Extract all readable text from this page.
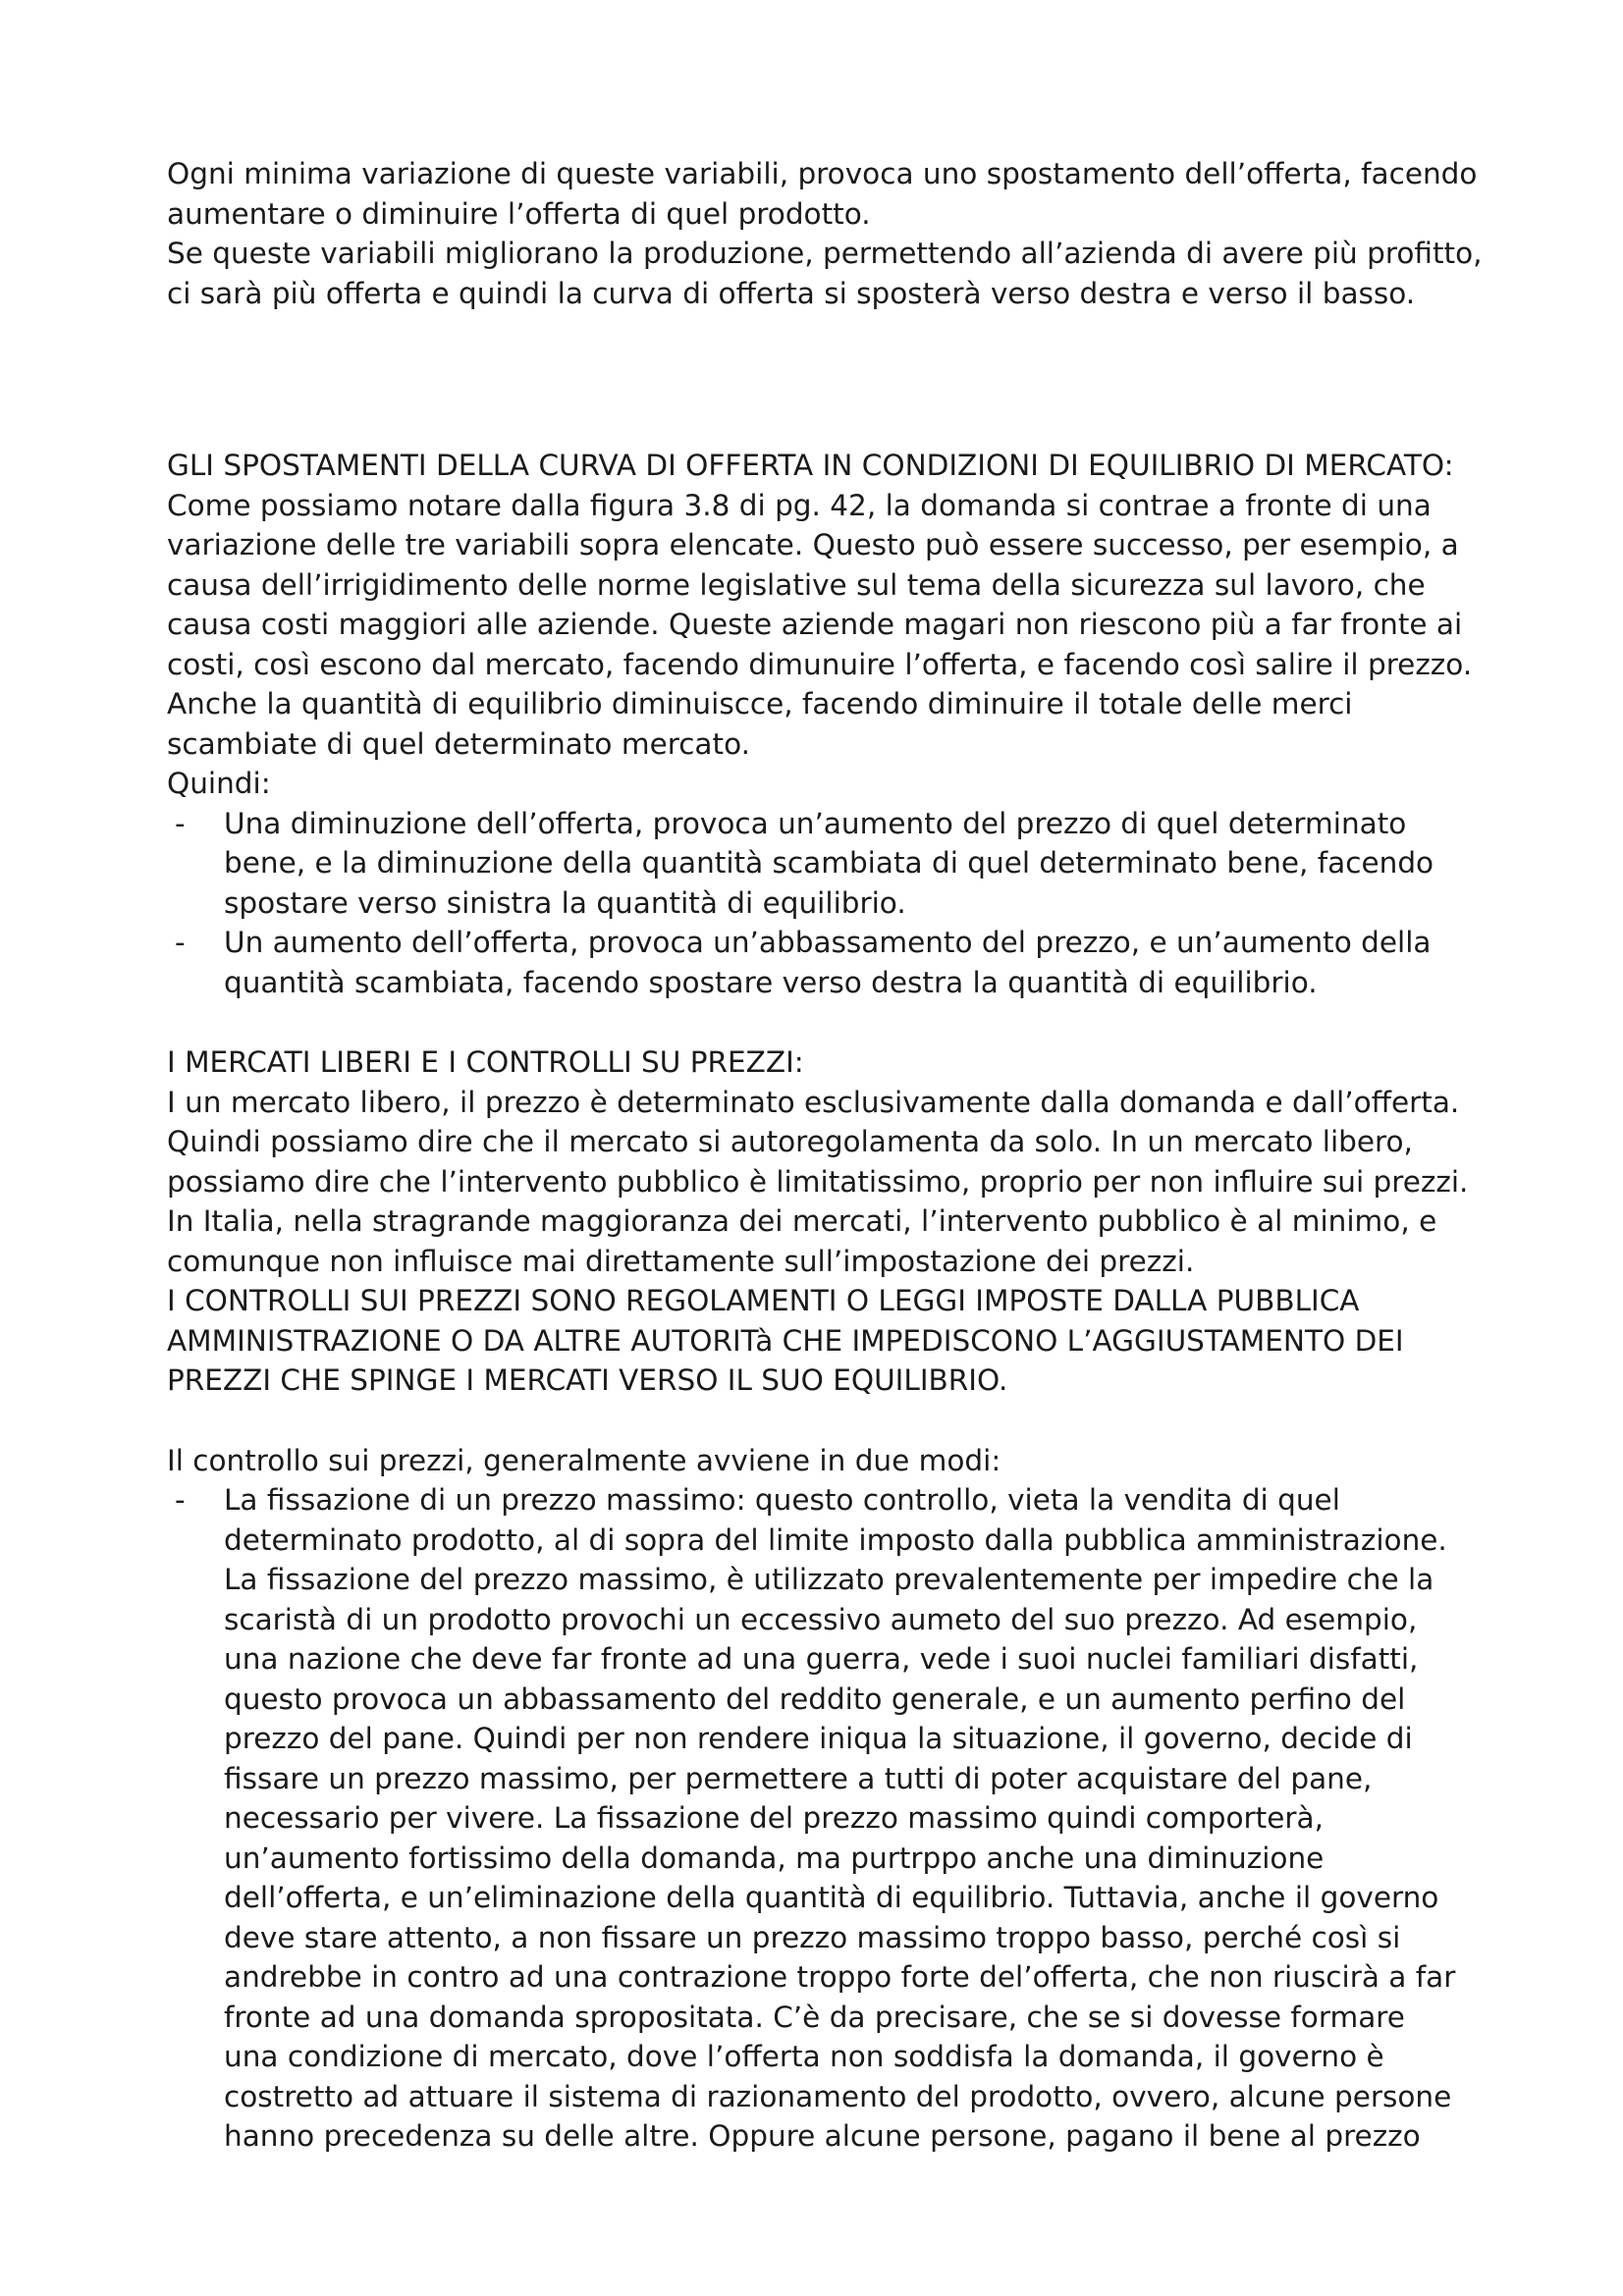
Ogni minima variazione di queste variabili, provoca uno spostamento dell’offerta, facendo

aumentare o diminuire l’offerta di quel prodotto.

Se queste variabili migliorano la produzione, permettendo all’azienda di avere più profitto,

ci sarà più offerta e quindi la curva di offerta si sposterà verso destra e verso il basso.

GLI SPOSTAMENTI DELLA CURVA DI OFFERTA IN CONDIZIONI DI EQUILIBRIO DI MERCATO:

Come possiamo notare dalla figura 3.8 di pg. 42, la domanda si contrae a fronte di una

variazione delle tre variabili sopra elencate. Questo può essere successo, per esempio, a

causa dell’irrigidimento delle norme legislative sul tema della sicurezza sul lavoro, che

causa costi maggiori alle aziende. Queste aziende magari non riescono più a far fronte ai

costi, così escono dal mercato, facendo dimunuire l’offerta, e facendo così salire il prezzo.

Anche la quantità di equilibrio diminuiscce, facendo diminuire il totale delle merci

scambiate di quel determinato mercato.

Quindi:

- Una diminuzione dell’offerta, provoca un’aumento del prezzo di quel determinato

bene, e la diminuzione della quantità scambiata di quel determinato bene, facendo

spostare verso sinistra la quantità di equilibrio.

- Un aumento dell’offerta, provoca un’abbassamento del prezzo, e un’aumento della

quantità scambiata, facendo spostare verso destra la quantità di equilibrio.

I MERCATI LIBERI E I CONTROLLI SU PREZZI:

I un mercato libero, il prezzo è determinato esclusivamente dalla domanda e dall’offerta.

Quindi possiamo dire che il mercato si autoregolamenta da solo. In un mercato libero,

possiamo dire che l’intervento pubblico è limitatissimo, proprio per non influire sui prezzi.

In Italia, nella stragrande maggioranza dei mercati, l’intervento pubblico è al minimo, e

comunque non influisce mai direttamente sull’impostazione dei prezzi.

I CONTROLLI SUI PREZZI SONO REGOLAMENTI O LEGGI IMPOSTE DALLA PUBBLICA

AMMINISTRAZIONE O DA ALTRE AUTORITà CHE IMPEDISCONO L’AGGIUSTAMENTO DEI

PREZZI CHE SPINGE I MERCATI VERSO IL SUO EQUILIBRIO.

Il controllo sui prezzi, generalmente avviene in due modi:

- La fissazione di un prezzo massimo: questo controllo, vieta la vendita di quel

determinato prodotto, al di sopra del limite imposto dalla pubblica amministrazione.

La fissazione del prezzo massimo, è utilizzato prevalentemente per impedire che la

scaristà di un prodotto provochi un eccessivo aumeto del suo prezzo. Ad esempio,

una nazione che deve far fronte ad una guerra, vede i suoi nuclei familiari disfatti,

questo provoca un abbassamento del reddito generale, e un aumento perfino del

prezzo del pane. Quindi per non rendere iniqua la situazione, il governo, decide di

fissare un prezzo massimo, per permettere a tutti di poter acquistare del pane,

necessario per vivere. La fissazione del prezzo massimo quindi comporterà,

un’aumento fortissimo della domanda, ma purtrppo anche una diminuzione

dell’offerta, e un’eliminazione della quantità di equilibrio. Tuttavia, anche il governo

deve stare attento, a non fissare un prezzo massimo troppo basso, perché così si

andrebbe in contro ad una contrazione troppo forte del’offerta, che non riuscirà a far

fronte ad una domanda spropositata. C’è da precisare, che se si dovesse formare

una condizione di mercato, dove l’offerta non soddisfa la domanda, il governo è

costretto ad attuare il sistema di razionamento del prodotto, ovvero, alcune persone

hanno precedenza su delle altre. Oppure alcune persone, pagano il bene al prezzo
